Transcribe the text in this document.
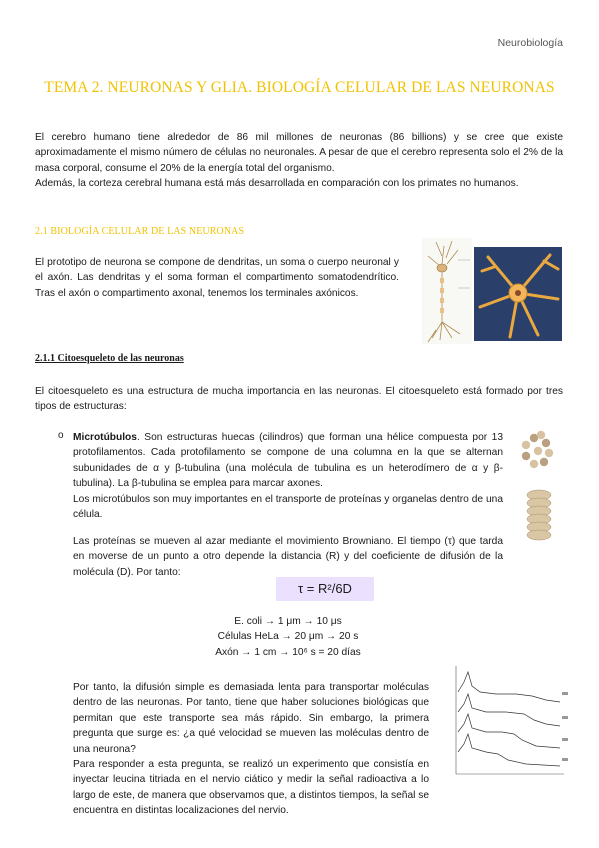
Neurobiología
TEMA 2. NEURONAS Y GLIA. BIOLOGÍA CELULAR DE LAS NEURONAS
El cerebro humano tiene alrededor de 86 mil millones de neuronas (86 billions) y se cree que existe aproximadamente el mismo número de células no neuronales. A pesar de que el cerebro representa solo el 2% de la masa corporal, consume el 20% de la energía total del organismo.
Además, la corteza cerebral humana está más desarrollada en comparación con los primates no humanos.
2.1 BIOLOGÍA CELULAR DE LAS NEURONAS
El prototipo de neurona se compone de dendritas, un soma o cuerpo neuronal y el axón. Las dendritas y el soma forman el compartimento somatodendrítico. Tras el axón o compartimento axonal, tenemos los terminales axónicos.
2.1.1 Citoesqueleto de las neuronas
El citoesqueleto es una estructura de mucha importancia en las neuronas. El citoesqueleto está formado por tres tipos de estructuras:
o Microtúbulos. Son estructuras huecas (cilindros) que forman una hélice compuesta por 13 protofilamentos. Cada protofilamento se compone de una columna en la que se alternan subunidades de α y β-tubulina (una molécula de tubulina es un heterodímero de α y β-tubulina). La β-tubulina se emplea para marcar axones.
Los microtúbulos son muy importantes en el transporte de proteínas y organelas dentro de una célula.
Las proteínas se mueven al azar mediante el movimiento Browniano. El tiempo (τ) que tarda en moverse de un punto a otro depende la distancia (R) y del coeficiente de difusión de la molécula (D). Por tanto:
τ = R²/6D
E. coli → 1 μm → 10 μs
Células HeLa → 20 μm → 20 s
Axón → 1 cm → 10⁶ s = 20 días
Por tanto, la difusión simple es demasiada lenta para transportar moléculas dentro de las neuronas. Por tanto, tiene que haber soluciones biológicas que permitan que este transporte sea más rápido. Sin embargo, la primera pregunta que surge es: ¿a qué velocidad se mueven las moléculas dentro de una neurona?
Para responder a esta pregunta, se realizó un experimento que consistía en inyectar leucina titriada en el nervio ciático y medir la señal radioactiva a lo largo de este, de manera que observamos que, a distintos tiempos, la señal se encuentra en distintas localizaciones del nervio.
